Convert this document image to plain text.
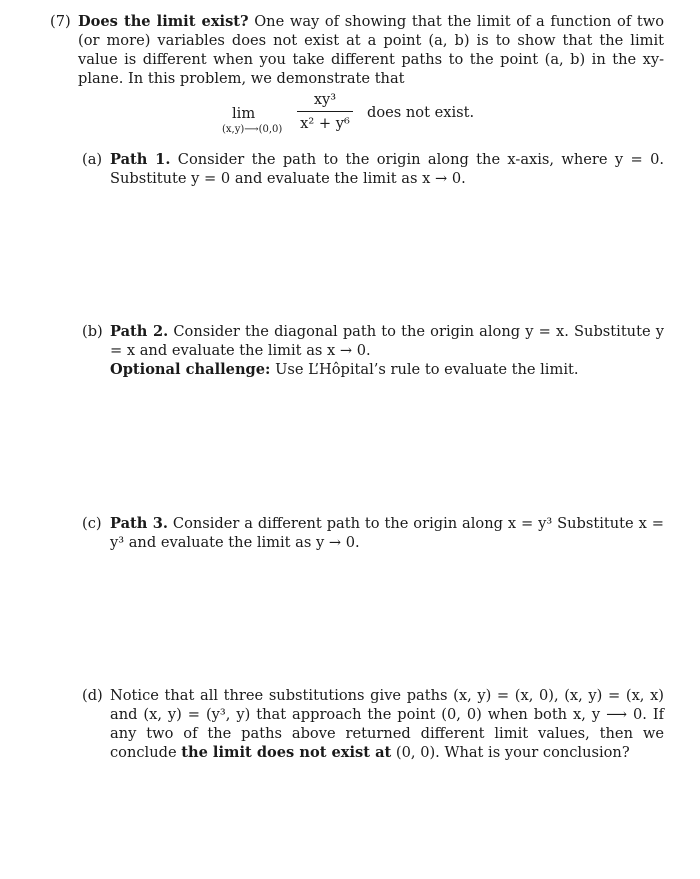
(7) Does the limit exist? One way of showing that the limit of a function of two (or more) variables does not exist at a point (a, b) is to show that the limit value is different when you take different paths to the point (a, b) in the xy-plane. In this problem, we demonstrate that
lim
(x,y)⟶(0,0)
xy³
x² + y⁶
does not exist.
(a) Path 1. Consider the path to the origin along the x-axis, where y = 0. Substitute y = 0 and evaluate the limit as x → 0.
(b) Path 2. Consider the diagonal path to the origin along y = x. Substitute y = x and evaluate the limit as x → 0.
Optional challenge: Use L’Hôpital’s rule to evaluate the limit.
(c) Path 3. Consider a different path to the origin along x = y³ Substitute x = y³ and evaluate the limit as y → 0.
(d) Notice that all three substitutions give paths (x, y) = (x, 0), (x, y) = (x, x) and (x, y) = (y³, y) that approach the point (0, 0) when both x, y ⟶ 0. If any two of the paths above returned different limit values, then we conclude the limit does not exist at (0, 0). What is your conclusion?
